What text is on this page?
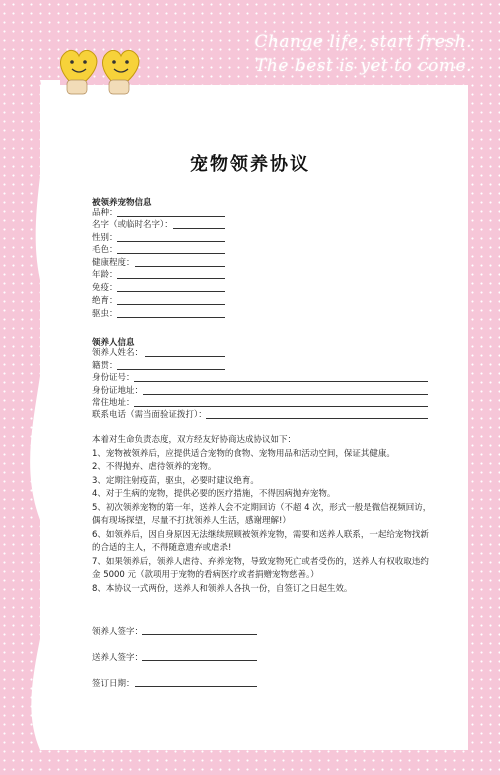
Change life, start fresh.
The best is yet to come.
宠物领养协议
被领养宠物信息
品种：
名字（或临时名字）：
性别：
毛色：
健康程度：
年龄：
免疫：
绝育：
驱虫：
领养人信息
领养人姓名：
籍贯：
身份证号：
身份证地址：
常住地址：
联系电话（需当面验证拨打）：
本着对生命负责态度，双方经友好协商达成协议如下：
1、宠物被领养后，应提供适合宠物的食物、宠物用品和活动空间，保证其健康。
2、不得抛弃、虐待领养的宠物。
3、定期注射疫苗，驱虫，必要时建议绝育。
4、对于生病的宠物，提供必要的医疗措施，不得因病抛弃宠物。
5、初次领养宠物的第一年，送养人会不定期回访（不超 4 次，形式一般是微信视频回访，偶有现场探望，尽量不打扰领养人生活，感谢理解!）
6、如领养后，因自身原因无法继续照顾被领养宠物，需要和送养人联系，一起给宠物找新的合适的主人，不得随意遗弃或虐杀!
7、如果领养后，领养人虐待、弃养宠物，导致宠物死亡或者受伤的，送养人有权收取违约金 5000 元（款项用于宠物的看病医疗或者捐赠宠物慈善。）
8、本协议一式两份，送养人和领养人各执一份，自签订之日起生效。
领养人签字：
送养人签字：
签订日期：
